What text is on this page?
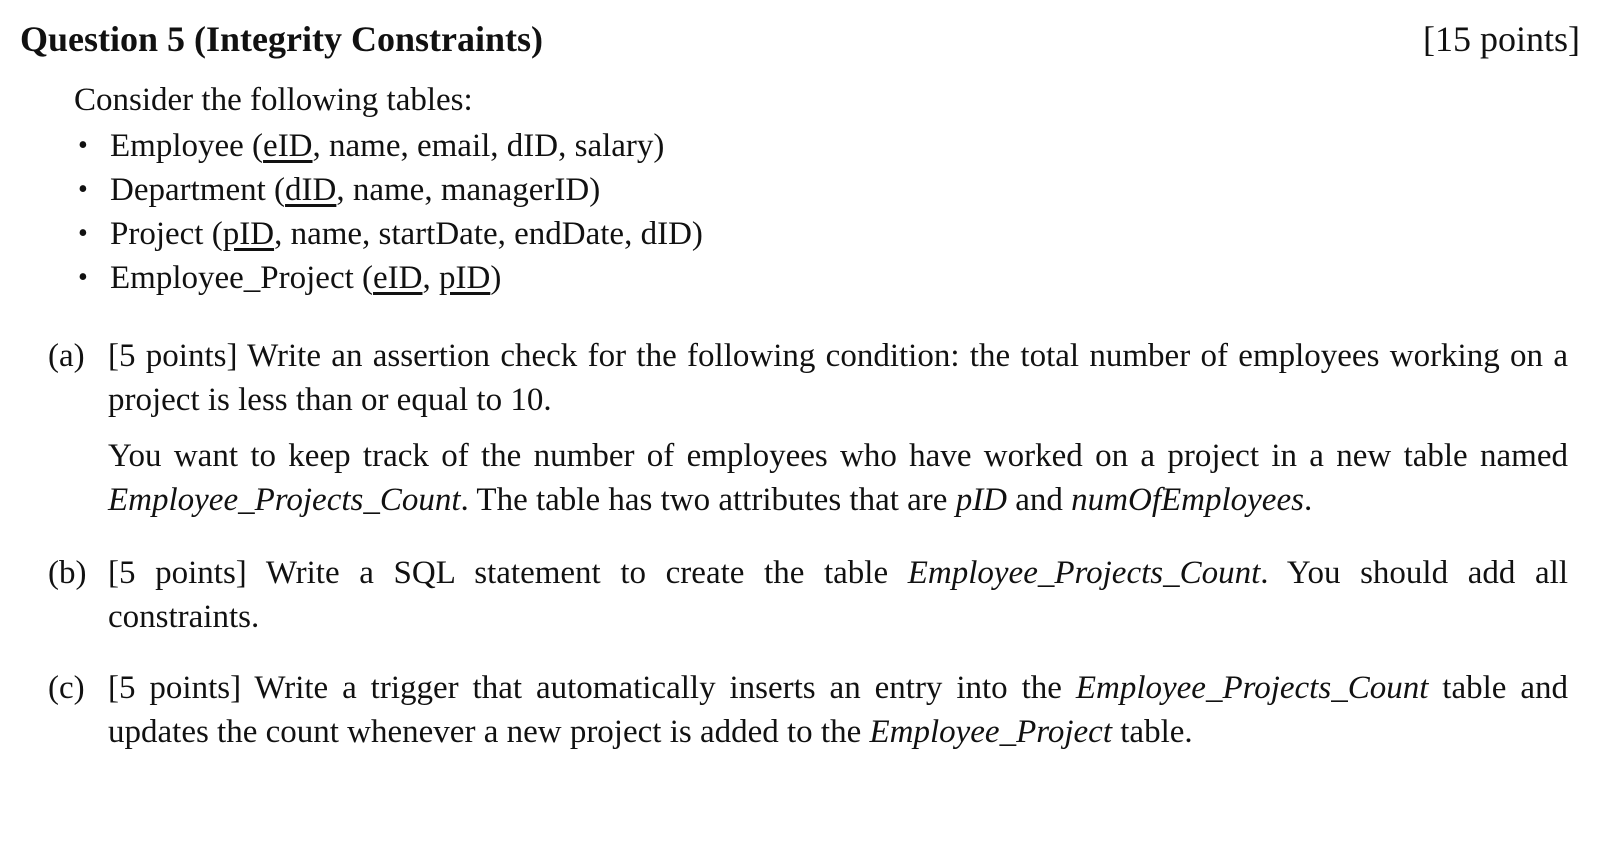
Question 5 (Integrity Constraints)	[15 points]
Consider the following tables:
• Employee (eID, name, email, dID, salary)
• Department (dID, name, managerID)
• Project (pID, name, startDate, endDate, dID)
• Employee_Project (eID, pID)
(a) [5 points] Write an assertion check for the following condition: the total number of employees working on a project is less than or equal to 10.
You want to keep track of the number of employees who have worked on a project in a new table named Employee_Projects_Count. The table has two attributes that are pID and numOfEmployees.
(b) [5 points] Write a SQL statement to create the table Employee_Projects_Count. You should add all constraints.
(c) [5 points] Write a trigger that automatically inserts an entry into the Employee_Projects_Count table and updates the count whenever a new project is added to the Employee_Project table.
